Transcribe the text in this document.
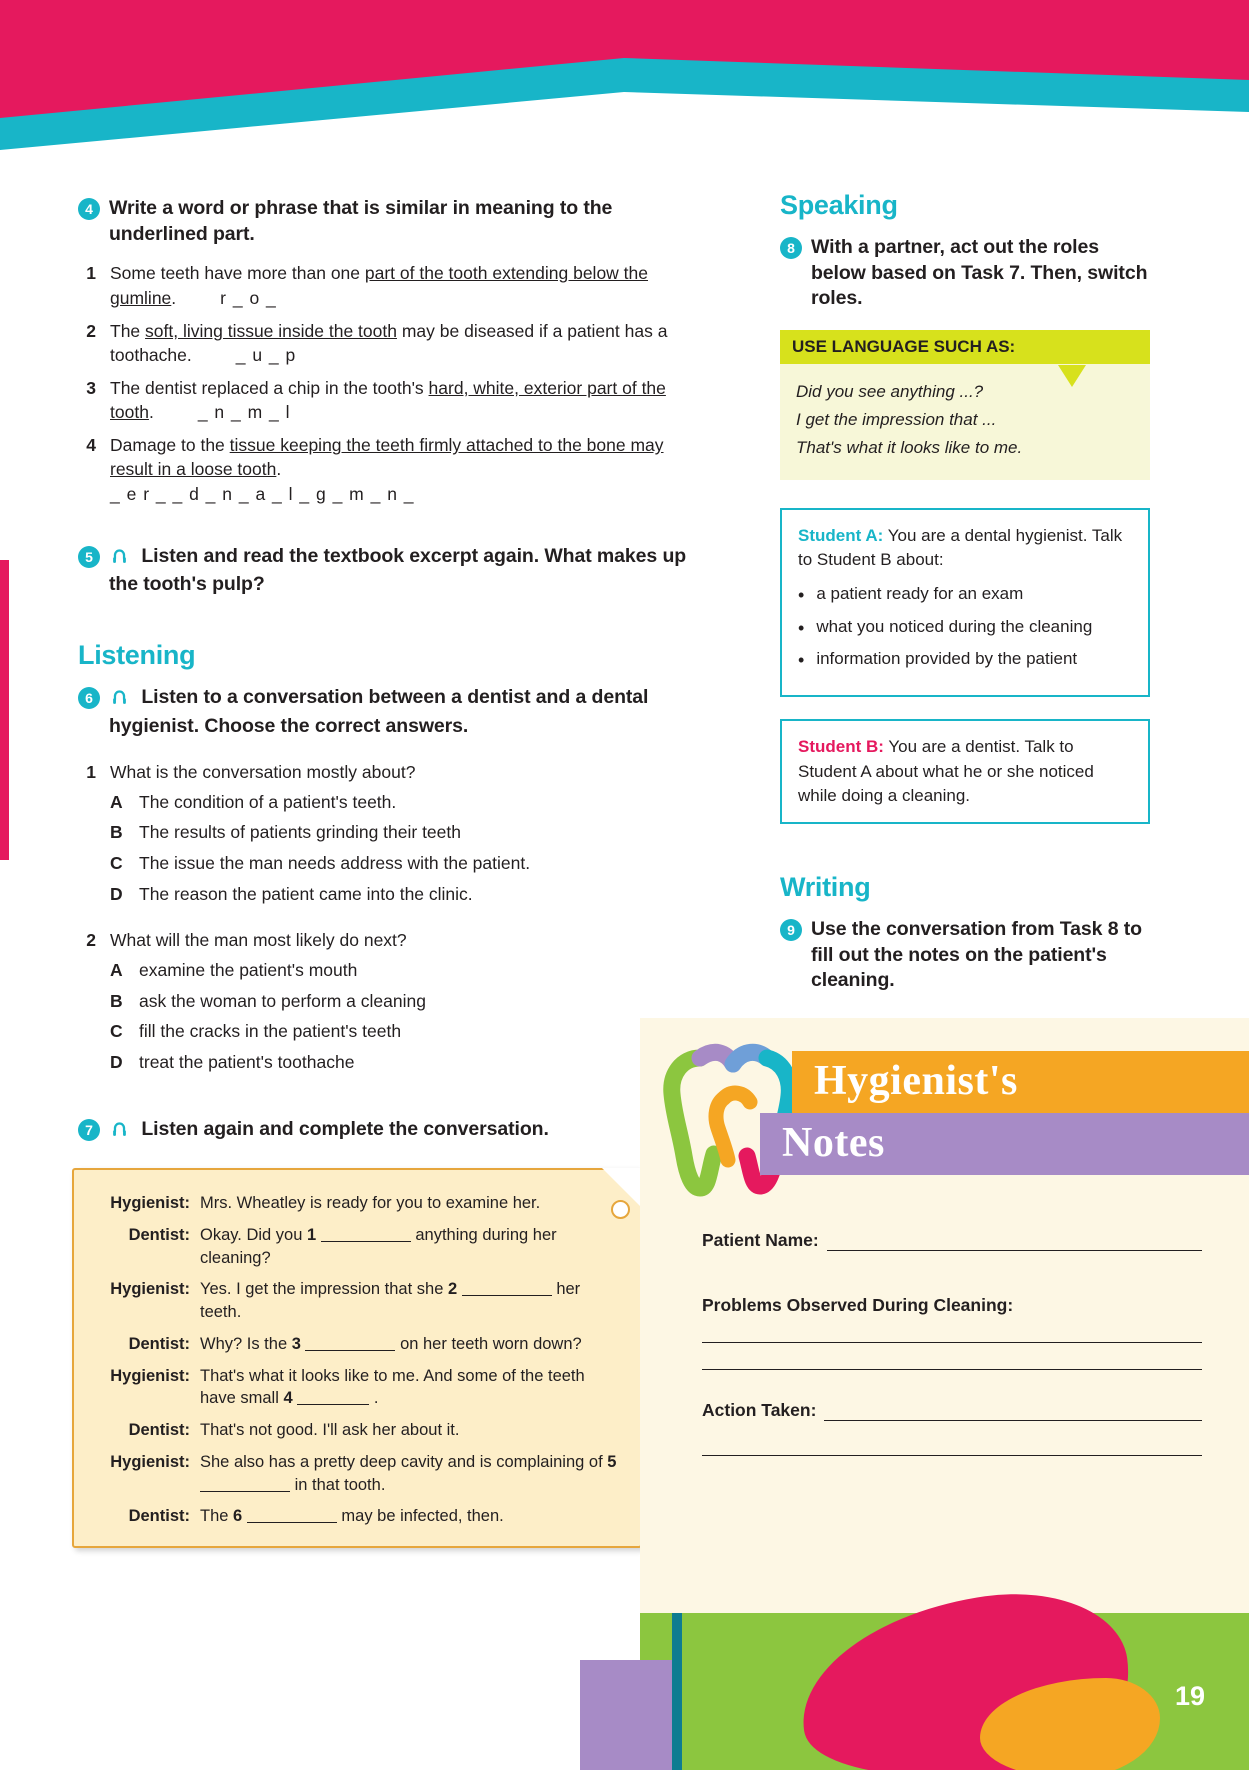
4 Write a word or phrase that is similar in meaning to the underlined part.
1 Some teeth have more than one part of the tooth extending below the gumline.	r _ o _
2 The soft, living tissue inside the tooth may be diseased if a patient has a toothache.	_ u _ p
3 The dentist replaced a chip in the tooth's hard, white, exterior part of the tooth.	_ n _ m _ l
4 Damage to the tissue keeping the teeth firmly attached to the bone may result in a loose tooth.
_ e r _ _ d _ n _ a _ l _ g _ m _ n _
5	Listen and read the textbook excerpt again. What makes up the tooth's pulp?
Listening
6	Listen to a conversation between a dentist and a dental hygienist. Choose the correct answers.
1 What is the conversation mostly about?
A The condition of a patient's teeth.
B The results of patients grinding their teeth
C The issue the man needs address with the patient.
D The reason the patient came into the clinic.
2 What will the man most likely do next?
A examine the patient's mouth
B ask the woman to perform a cleaning
C fill the cracks in the patient's teeth
D treat the patient's toothache
7	Listen again and complete the conversation.
Hygienist: Mrs. Wheatley is ready for you to examine her.
Dentist: Okay. Did you 1	anything during her cleaning?
Hygienist: Yes. I get the impression that she 2	her teeth.
Dentist: Why? Is the 3	on her teeth worn down?
Hygienist: That's what it looks like to me. And some of the teeth have small 4	.
Dentist: That's not good. I'll ask her about it.
Hygienist: She also has a pretty deep cavity and is complaining of 5  in that tooth.
Dentist: The 6	may be infected, then.
Speaking
8 With a partner, act out the roles below based on Task 7. Then, switch roles.
USE LANGUAGE SUCH AS:
Did you see anything ...?
I get the impression that ...
That's what it looks like to me.
Student A: You are a dental hygienist. Talk to Student B about:
•
a patient ready for an exam
•
what you noticed during the cleaning
•
information provided by the patient
Student B: You are a dentist. Talk to Student A about what he or she noticed while doing a cleaning.
Writing
9 Use the conversation from Task 8 to fill out the notes on the patient's cleaning.
Hygienist's
Notes
Patient Name:
Problems Observed During Cleaning:
Action Taken:
19
